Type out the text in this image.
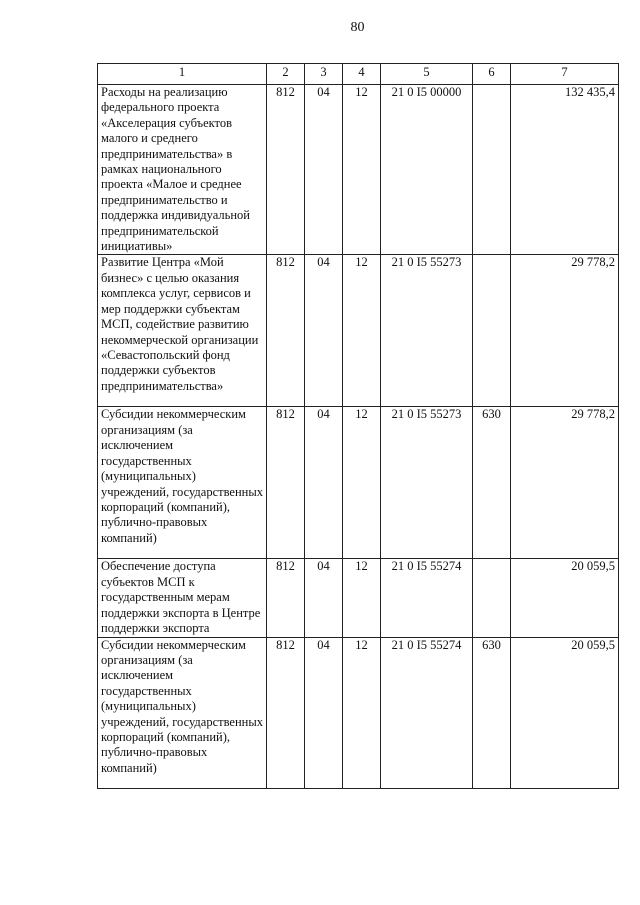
80
1	2	3	4	5	6	7
Расходы на реализацию федерального проекта «Акселерация субъектов малого и среднего предпринимательства» в рамках национального проекта «Малое и среднее предпринимательство и поддержка индивидуальной предпринимательской инициативы»	812	04	12	21 0 I5 00000		132 435,4
Развитие Центра «Мой бизнес» с целью оказания комплекса услуг, сервисов и мер поддержки субъектам МСП, содействие развитию некоммерческой организации «Севастопольский фонд поддержки субъектов предпринимательства»	812	04	12	21 0 I5 55273		29 778,2
Субсидии некоммерческим организациям (за исключением государственных (муниципальных) учреждений, государственных корпораций (компаний), публично-правовых компаний)	812	04	12	21 0 I5 55273	630	29 778,2
Обеспечение доступа субъектов МСП к государственным мерам поддержки экспорта в Центре поддержки экспорта	812	04	12	21 0 I5 55274		20 059,5
Субсидии некоммерческим организациям (за исключением государственных (муниципальных) учреждений, государственных корпораций (компаний), публично-правовых компаний)	812	04	12	21 0 I5 55274	630	20 059,5
